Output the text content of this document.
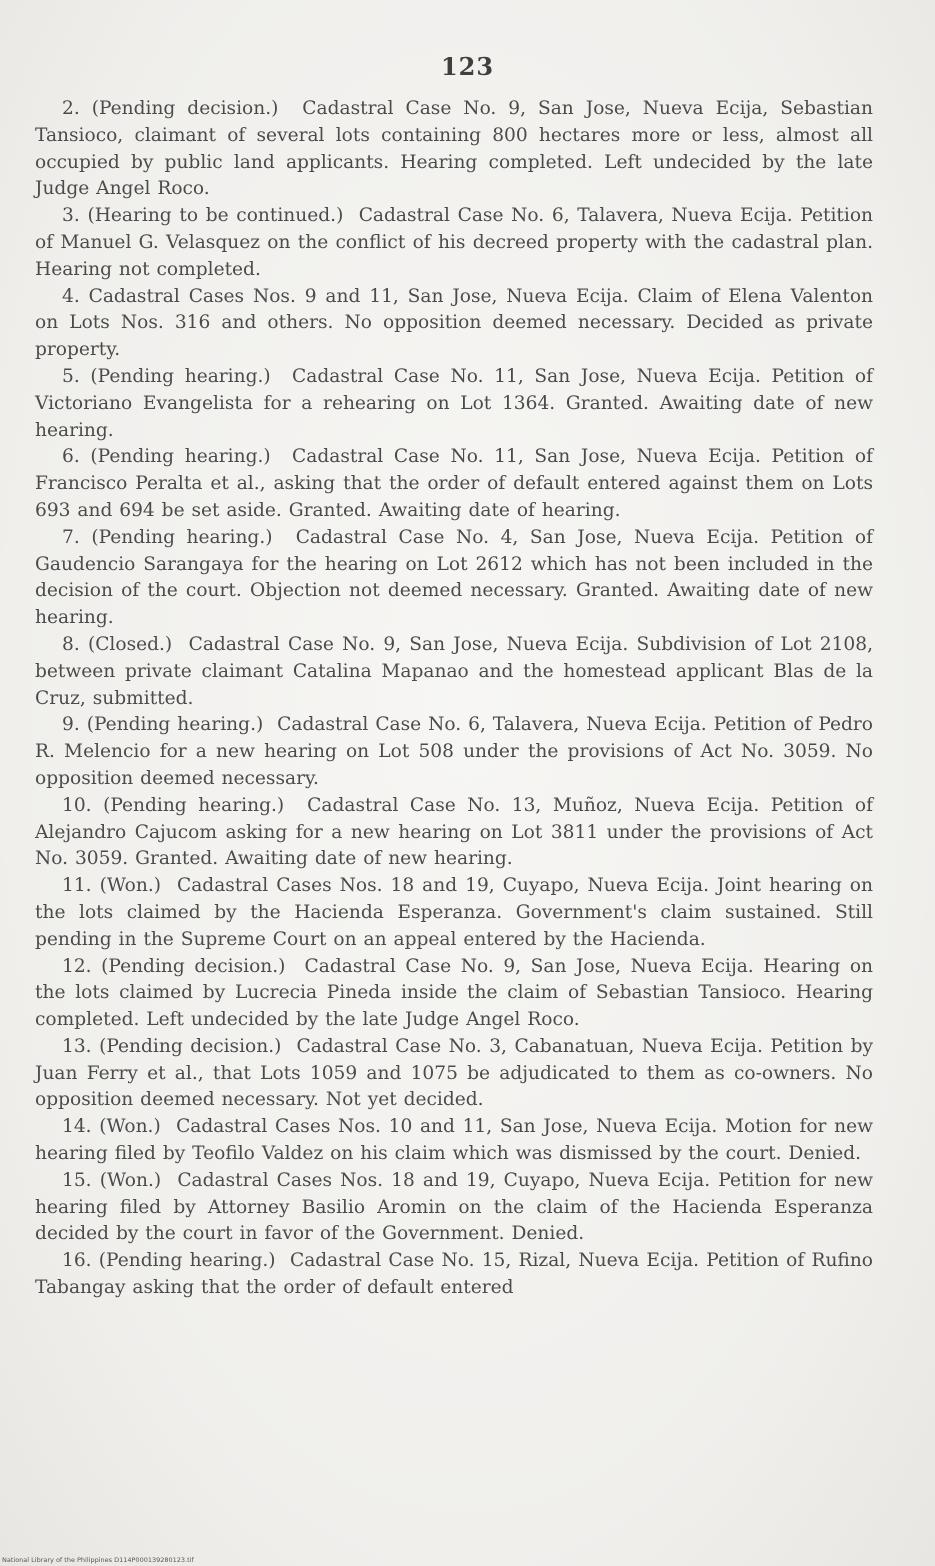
123

2. (Pending decision.) Cadastral Case No. 9, San Jose, Nueva Ecija, Sebastian Tansioco, claimant of several lots containing 800 hectares more or less, almost all occupied by public land applicants. Hearing completed. Left undecided by the late Judge Angel Roco.

3. (Hearing to be continued.) Cadastral Case No. 6, Talavera, Nueva Ecija. Petition of Manuel G. Velasquez on the conflict of his decreed property with the cadastral plan. Hearing not completed.

4. Cadastral Cases Nos. 9 and 11, San Jose, Nueva Ecija. Claim of Elena Valenton on Lots Nos. 316 and others. No opposition deemed necessary. Decided as private property.

5. (Pending hearing.) Cadastral Case No. 11, San Jose, Nueva Ecija. Petition of Victoriano Evangelista for a rehearing on Lot 1364. Granted. Awaiting date of new hearing.

6. (Pending hearing.) Cadastral Case No. 11, San Jose, Nueva Ecija. Petition of Francisco Peralta et al., asking that the order of default entered against them on Lots 693 and 694 be set aside. Granted. Awaiting date of hearing.

7. (Pending hearing.) Cadastral Case No. 4, San Jose, Nueva Ecija. Petition of Gaudencio Sarangaya for the hearing on Lot 2612 which has not been included in the decision of the court. Objection not deemed necessary. Granted. Awaiting date of new hearing.

8. (Closed.) Cadastral Case No. 9, San Jose, Nueva Ecija. Subdivision of Lot 2108, between private claimant Catalina Mapanao and the homestead applicant Blas de la Cruz, submitted.

9. (Pending hearing.) Cadastral Case No. 6, Talavera, Nueva Ecija. Petition of Pedro R. Melencio for a new hearing on Lot 508 under the provisions of Act No. 3059. No opposition deemed necessary.

10. (Pending hearing.) Cadastral Case No. 13, Muñoz, Nueva Ecija. Petition of Alejandro Cajucom asking for a new hearing on Lot 3811 under the provisions of Act No. 3059. Granted. Awaiting date of new hearing.

11. (Won.) Cadastral Cases Nos. 18 and 19, Cuyapo, Nueva Ecija. Joint hearing on the lots claimed by the Hacienda Esperanza. Government's claim sustained. Still pending in the Supreme Court on an appeal entered by the Hacienda.

12. (Pending decision.) Cadastral Case No. 9, San Jose, Nueva Ecija. Hearing on the lots claimed by Lucrecia Pineda inside the claim of Sebastian Tansioco. Hearing completed. Left undecided by the late Judge Angel Roco.

13. (Pending decision.) Cadastral Case No. 3, Cabanatuan, Nueva Ecija. Petition by Juan Ferry et al., that Lots 1059 and 1075 be adjudicated to them as co-owners. No opposition deemed necessary. Not yet decided.

14. (Won.) Cadastral Cases Nos. 10 and 11, San Jose, Nueva Ecija. Motion for new hearing filed by Teofilo Valdez on his claim which was dismissed by the court. Denied.

15. (Won.) Cadastral Cases Nos. 18 and 19, Cuyapo, Nueva Ecija. Petition for new hearing filed by Attorney Basilio Aromin on the claim of the Hacienda Esperanza decided by the court in favor of the Government. Denied.

16. (Pending hearing.) Cadastral Case No. 15, Rizal, Nueva Ecija. Petition of Rufino Tabangay asking that the order of default entered

National Library of the Philippines D114P000139280123.tif
